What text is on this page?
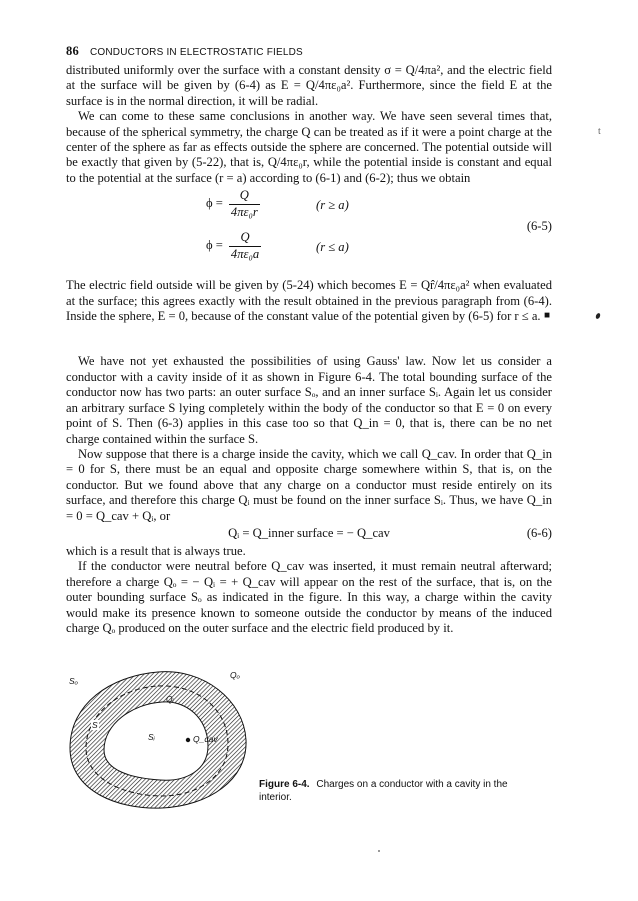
86 CONDUCTORS IN ELECTROSTATIC FIELDS
t

distributed uniformly over the surface with a constant density σ = Q/4πa², and the electric field at the surface will be given by (6-4) as E = Q/4πε₀a². Furthermore, since the field E at the surface is in the normal direction, it will be radial.

We can come to these same conclusions in another way. We have seen several times that, because of the spherical symmetry, the charge Q can be treated as if it were a point charge at the center of the sphere as far as effects outside the sphere are concerned. The potential outside will be exactly that given by (5-22), that is, Q/4πε₀r, while the potential inside is constant and equal to the potential at the surface (r = a) according to (6-1) and (6-2); thus we obtain

$\phi = \frac{Q}{\text{4πε₀r}}$	(r ≥ a)
$\phi = \frac{Q}{\text{4πε₀a}}$	(r ≤ a)
(6-5)

The electric field outside will be given by (5-24) which becomes E = Qr̂/4πε₀a² when evaluated at the surface; this agrees exactly with the result obtained in the previous paragraph from (6-4). Inside the sphere, E = 0, because of the constant value of the potential given by (6-5) for r ≤ a. ■

We have not yet exhausted the possibilities of using Gauss' law. Now let us consider a conductor with a cavity inside of it as shown in Figure 6-4. The total bounding surface of the conductor now has two parts: an outer surface Sₒ, and an inner surface Sᵢ. Again let us consider an arbitrary surface S lying completely within the body of the conductor so that E = 0 on every point of S. Then (6-3) applies in this case too so that Q_in = 0, that is, there can be no net charge contained within the surface S.

Now suppose that there is a charge inside the cavity, which we call Q_cav. In order that Q_in = 0 for S, there must be an equal and opposite charge somewhere within S, that is, on the conductor. But we found above that any charge on a conductor must reside entirely on its surface, and therefore this charge Qᵢ must be found on the inner surface Sᵢ. Thus, we have Q_in = 0 = Q_cav + Qᵢ, or

Qᵢ = Q_inner surface = − Q_cav	(6-6)

which is a result that is always true.

If the conductor were neutral before Q_cav was inserted, it must remain neutral afterward; therefore a charge Qₒ = − Qᵢ = + Q_cav will appear on the rest of the surface, that is, on the outer bounding surface Sₒ as indicated in the figure. In this way, a charge within the cavity would make its presence known to someone outside the conductor by means of the induced charge Qₒ produced on the outer surface and the electric field produced by it.

Sₒ
Qₒ
Qᵢ
S
Sᵢ	Q_cav
Figure 6-4. Charges on a conductor with a cavity in the interior.
